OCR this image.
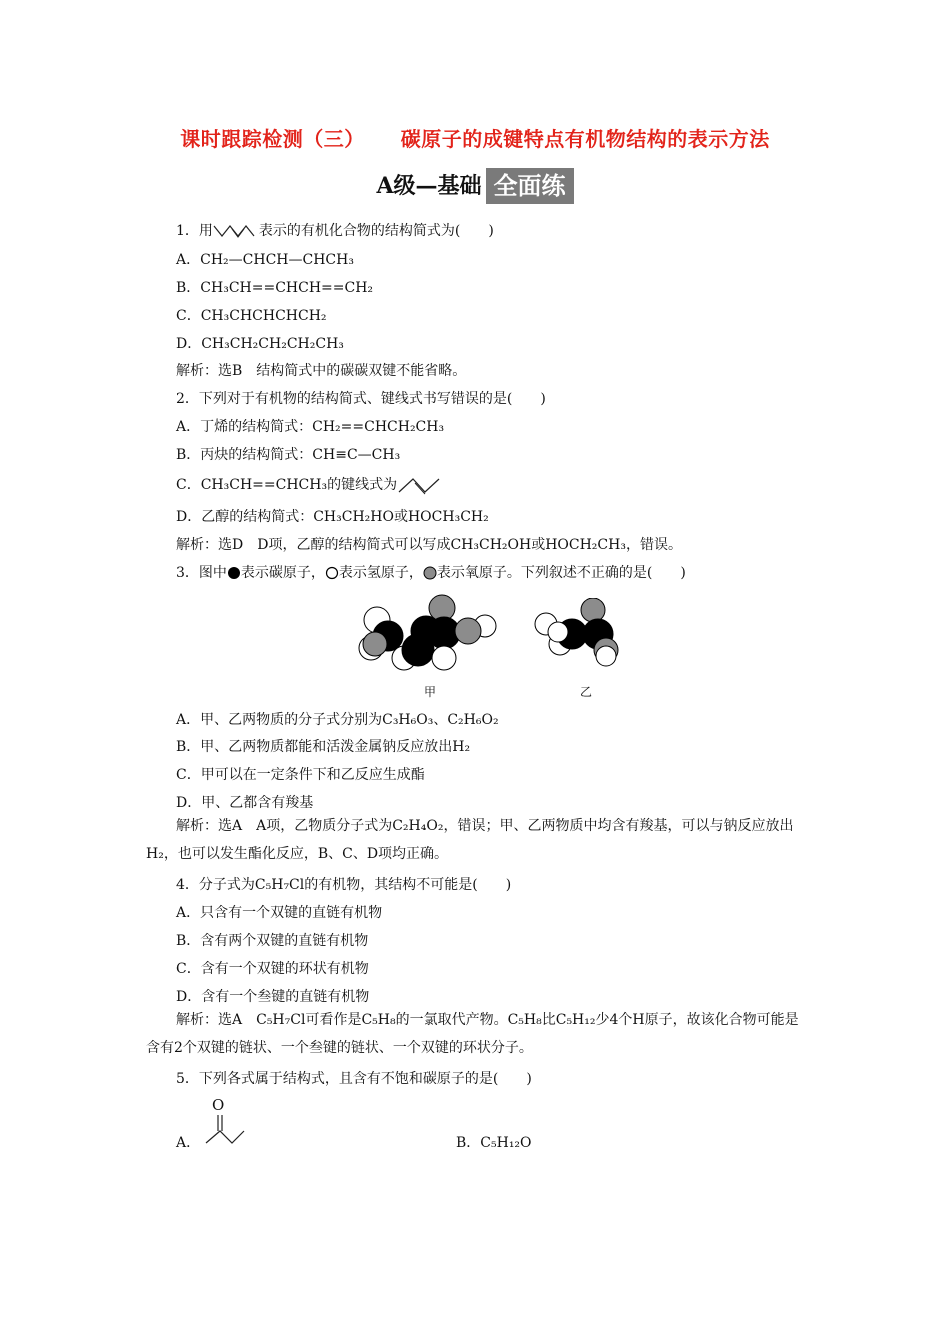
课时跟踪检测（三） 碳原子的成键特点有机物结构的表示方法
A级—基础 全面练
1．用	表示的有机化合物的结构简式为(　　)
A．CH₂—CHCH—CHCH₃
B．CH₃CH==CHCH==CH₂
C．CH₃CHCHCHCH₂
D．CH₃CH₂CH₂CH₂CH₃
解析：选B　结构简式中的碳碳双键不能省略。
2．下列对于有机物的结构简式、键线式书写错误的是(　　)
A．丁烯的结构简式：CH₂==CHCH₂CH₃
B．丙炔的结构简式：CH≡C—CH₃
C．CH₃CH==CHCH₃的键线式为
D．乙醇的结构简式：CH₃CH₂HO或HOCH₃CH₂
解析：选D　D项，乙醇的结构简式可以写成CH₃CH₂OH或HOCH₂CH₃，错误。
3．图中 表示碳原子， 表示氢原子， 表示氧原子。下列叙述不正确的是(　　)
甲	乙
A．甲、乙两物质的分子式分别为C₃H₆O₃、C₂H₆O₂
B．甲、乙两物质都能和活泼金属钠反应放出H₂
C．甲可以在一定条件下和乙反应生成酯
D．甲、乙都含有羧基
解析：选A　A项，乙物质分子式为C₂H₄O₂，错误；甲、乙两物质中均含有羧基，可以与钠反应放出H₂，也可以发生酯化反应，B、C、D项均正确。
4．分子式为C₅H₇Cl的有机物，其结构不可能是(　　)
A．只含有一个双键的直链有机物
B．含有两个双键的直链有机物
C．含有一个双键的环状有机物
D．含有一个叁键的直链有机物
解析：选A　C₅H₇Cl可看作是C₅H₈的一氯取代产物。C₅H₈比C₅H₁₂少4个H原子，故该化合物可能是含有2个双键的链状、一个叁键的链状、一个双键的环状分子。
5．下列各式属于结构式，且含有不饱和碳原子的是(　　)
A．
O
B．C₅H₁₂O
